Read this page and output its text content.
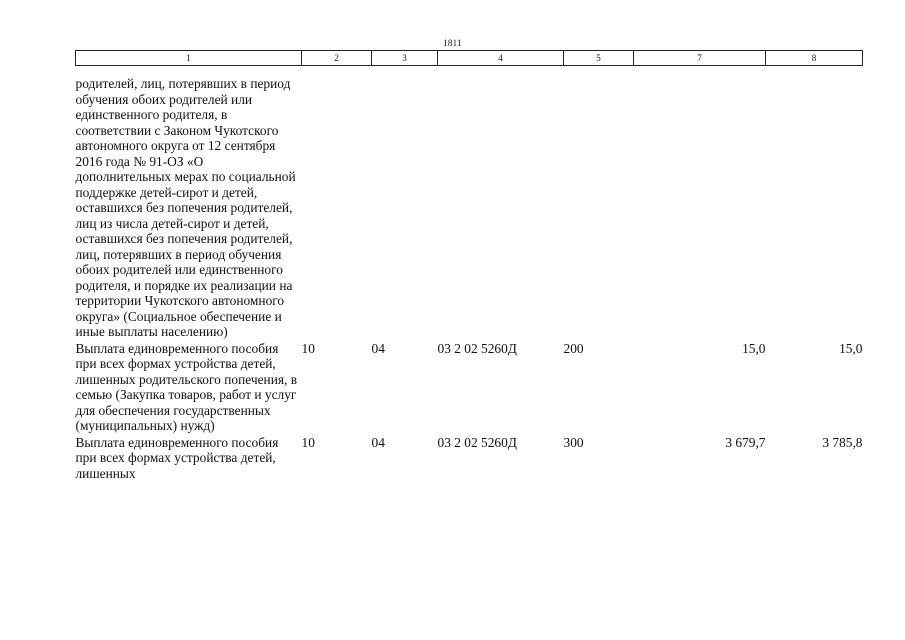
1811
1	2	3	4	5	7	8
родителей, лиц, потерявших в период обучения обоих родителей или единственного родителя, в соответствии с Законом Чукотского автономного округа от 12 сентября 2016 года № 91-ОЗ «О дополнительных мерах по социальной поддержке детей-сирот и детей, оставшихся без попечения родителей, лиц из числа детей-сирот и детей, оставшихся без попечения родителей, лиц, потерявших в период обучения обоих родителей или единственного родителя, и порядке их реализации на территории Чукотского автономного округа» (Социальное обеспечение и иные выплаты населению)						
Выплата единовременного пособия при всех формах устройства детей, лишенных родительского попечения, в семью (Закупка товаров, работ и услуг для обеспечения государственных (муниципальных) нужд)	10	04	03 2 02 5260Д	200	15,0	15,0
Выплата единовременного пособия при всех формах устройства детей, лишенных	10	04	03 2 02 5260Д	300	3 679,7	3 785,8
